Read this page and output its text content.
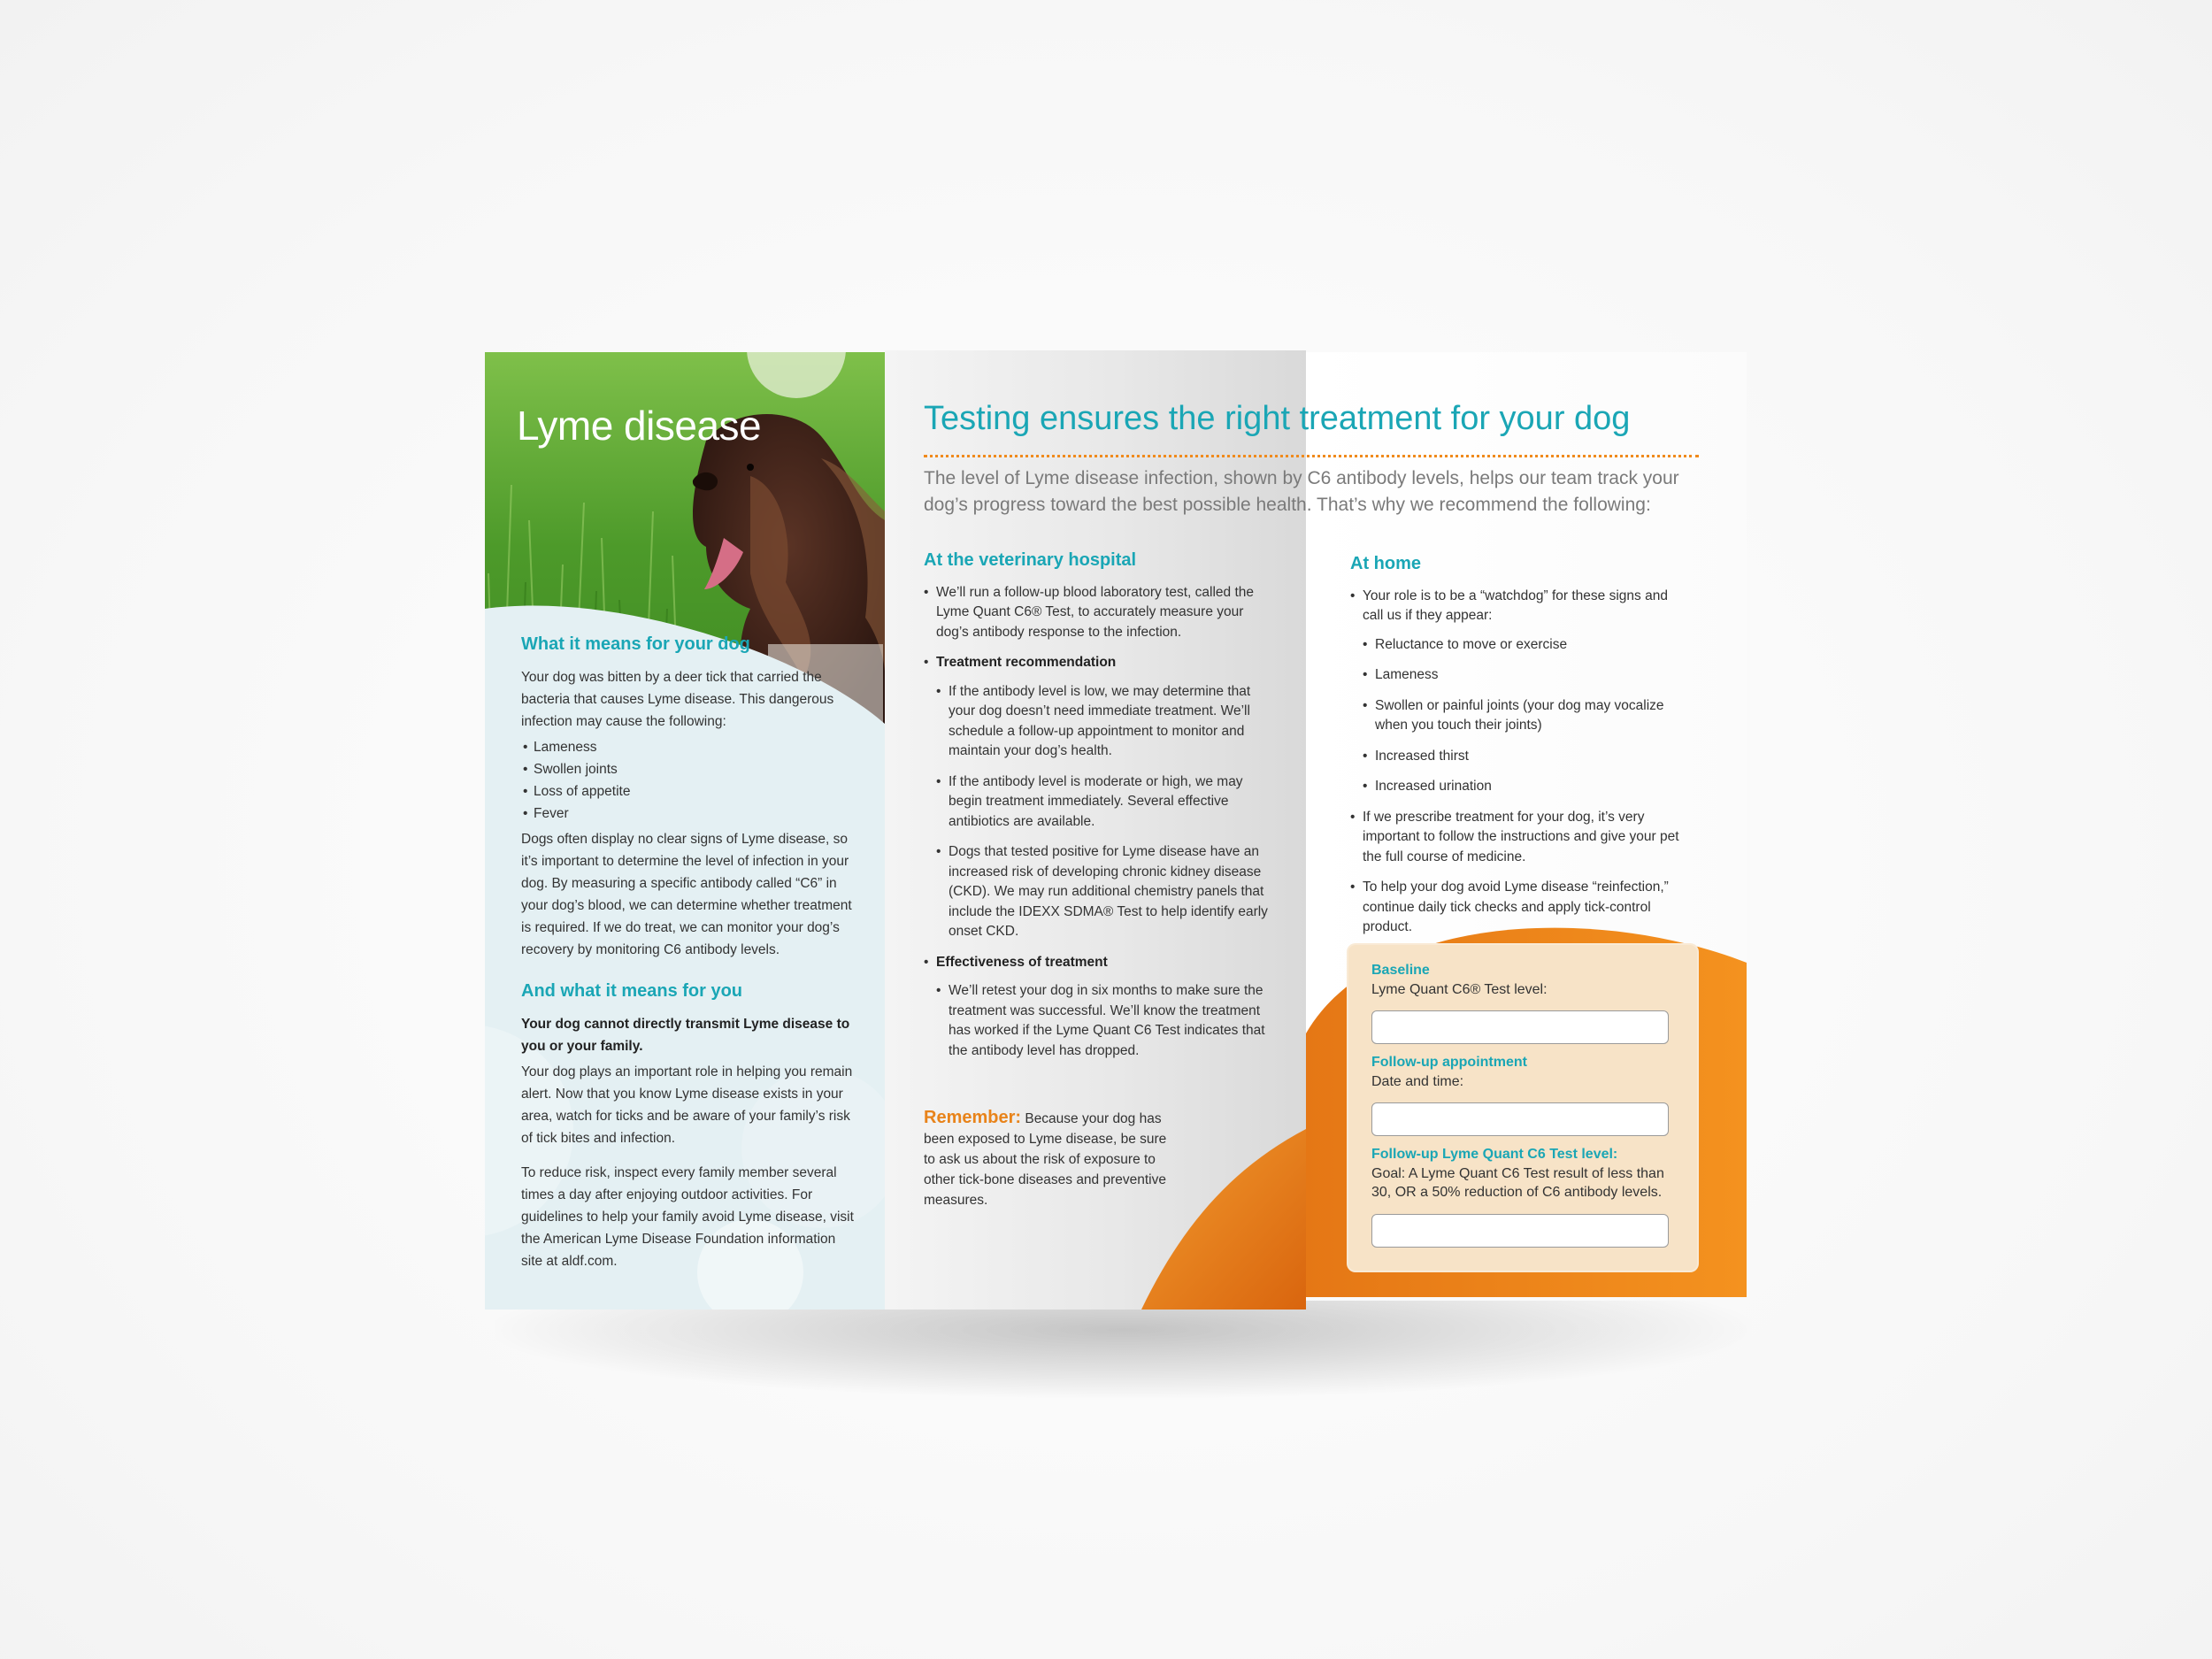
Lyme disease
What it means for your dog

Your dog was bitten by a deer tick that carried the bacteria that causes Lyme disease. This dangerous infection may cause the following:

• Lameness
• Swollen joints
• Loss of appetite
• Fever

Dogs often display no clear signs of Lyme disease, so it’s important to determine the level of infection in your dog. By measuring a specific antibody called “C6” in your dog’s blood, we can determine whether treatment is required. If we do treat, we can monitor your dog’s recovery by monitoring C6 antibody levels.

And what it means for you

Your dog cannot directly transmit Lyme disease to you or your family.

Your dog plays an important role in helping you remain alert. Now that you know Lyme disease exists in your area, watch for ticks and be aware of your family’s risk of tick bites and infection.

To reduce risk, inspect every family member several times a day after enjoying outdoor activities. For guidelines to help your family avoid Lyme disease, visit the American Lyme Disease Foundation information site at aldf.com.

Testing ensures the right treatment for your dog

The level of Lyme disease infection, shown by C6 antibody levels, helps our team track your dog’s progress toward the best possible health. That’s why we recommend the following:

At the veterinary hospital
• We’ll run a follow-up blood laboratory test, called the Lyme Quant C6® Test, to accurately measure your dog’s antibody response to the infection.
• Treatment recommendation
• If the antibody level is low, we may determine that your dog doesn’t need immediate treatment. We’ll schedule a follow-up appointment to monitor and maintain your dog’s health.
• If the antibody level is moderate or high, we may begin treatment immediately. Several effective antibiotics are available.
• Dogs that tested positive for Lyme disease have an increased risk of developing chronic kidney disease (CKD). We may run additional chemistry panels that include the IDEXX SDMA® Test to help identify early onset CKD.
• Effectiveness of treatment
• We’ll retest your dog in six months to make sure the treatment was successful. We’ll know the treatment has worked if the Lyme Quant C6 Test indicates that the antibody level has dropped.
Remember: Because your dog has been exposed to Lyme disease, be sure to ask us about the risk of exposure to other tick-bone diseases and preventive measures.
At home
• Your role is to be a “watchdog” for these signs and call us if they appear:
• Reluctance to move or exercise
• Lameness
• Swollen or painful joints (your dog may vocalize when you touch their joints)
• Increased thirst
• Increased urination
• If we prescribe treatment for your dog, it’s very important to follow the instructions and give your pet the full course of medicine.
• To help your dog avoid Lyme disease “reinfection,” continue daily tick checks and apply tick-control product.
Baseline
Lyme Quant C6® Test level:
Follow-up appointment
Date and time:
Follow-up Lyme Quant C6 Test level:
Goal: A Lyme Quant C6 Test result of less than 30, OR a 50% reduction of C6 antibody levels.
